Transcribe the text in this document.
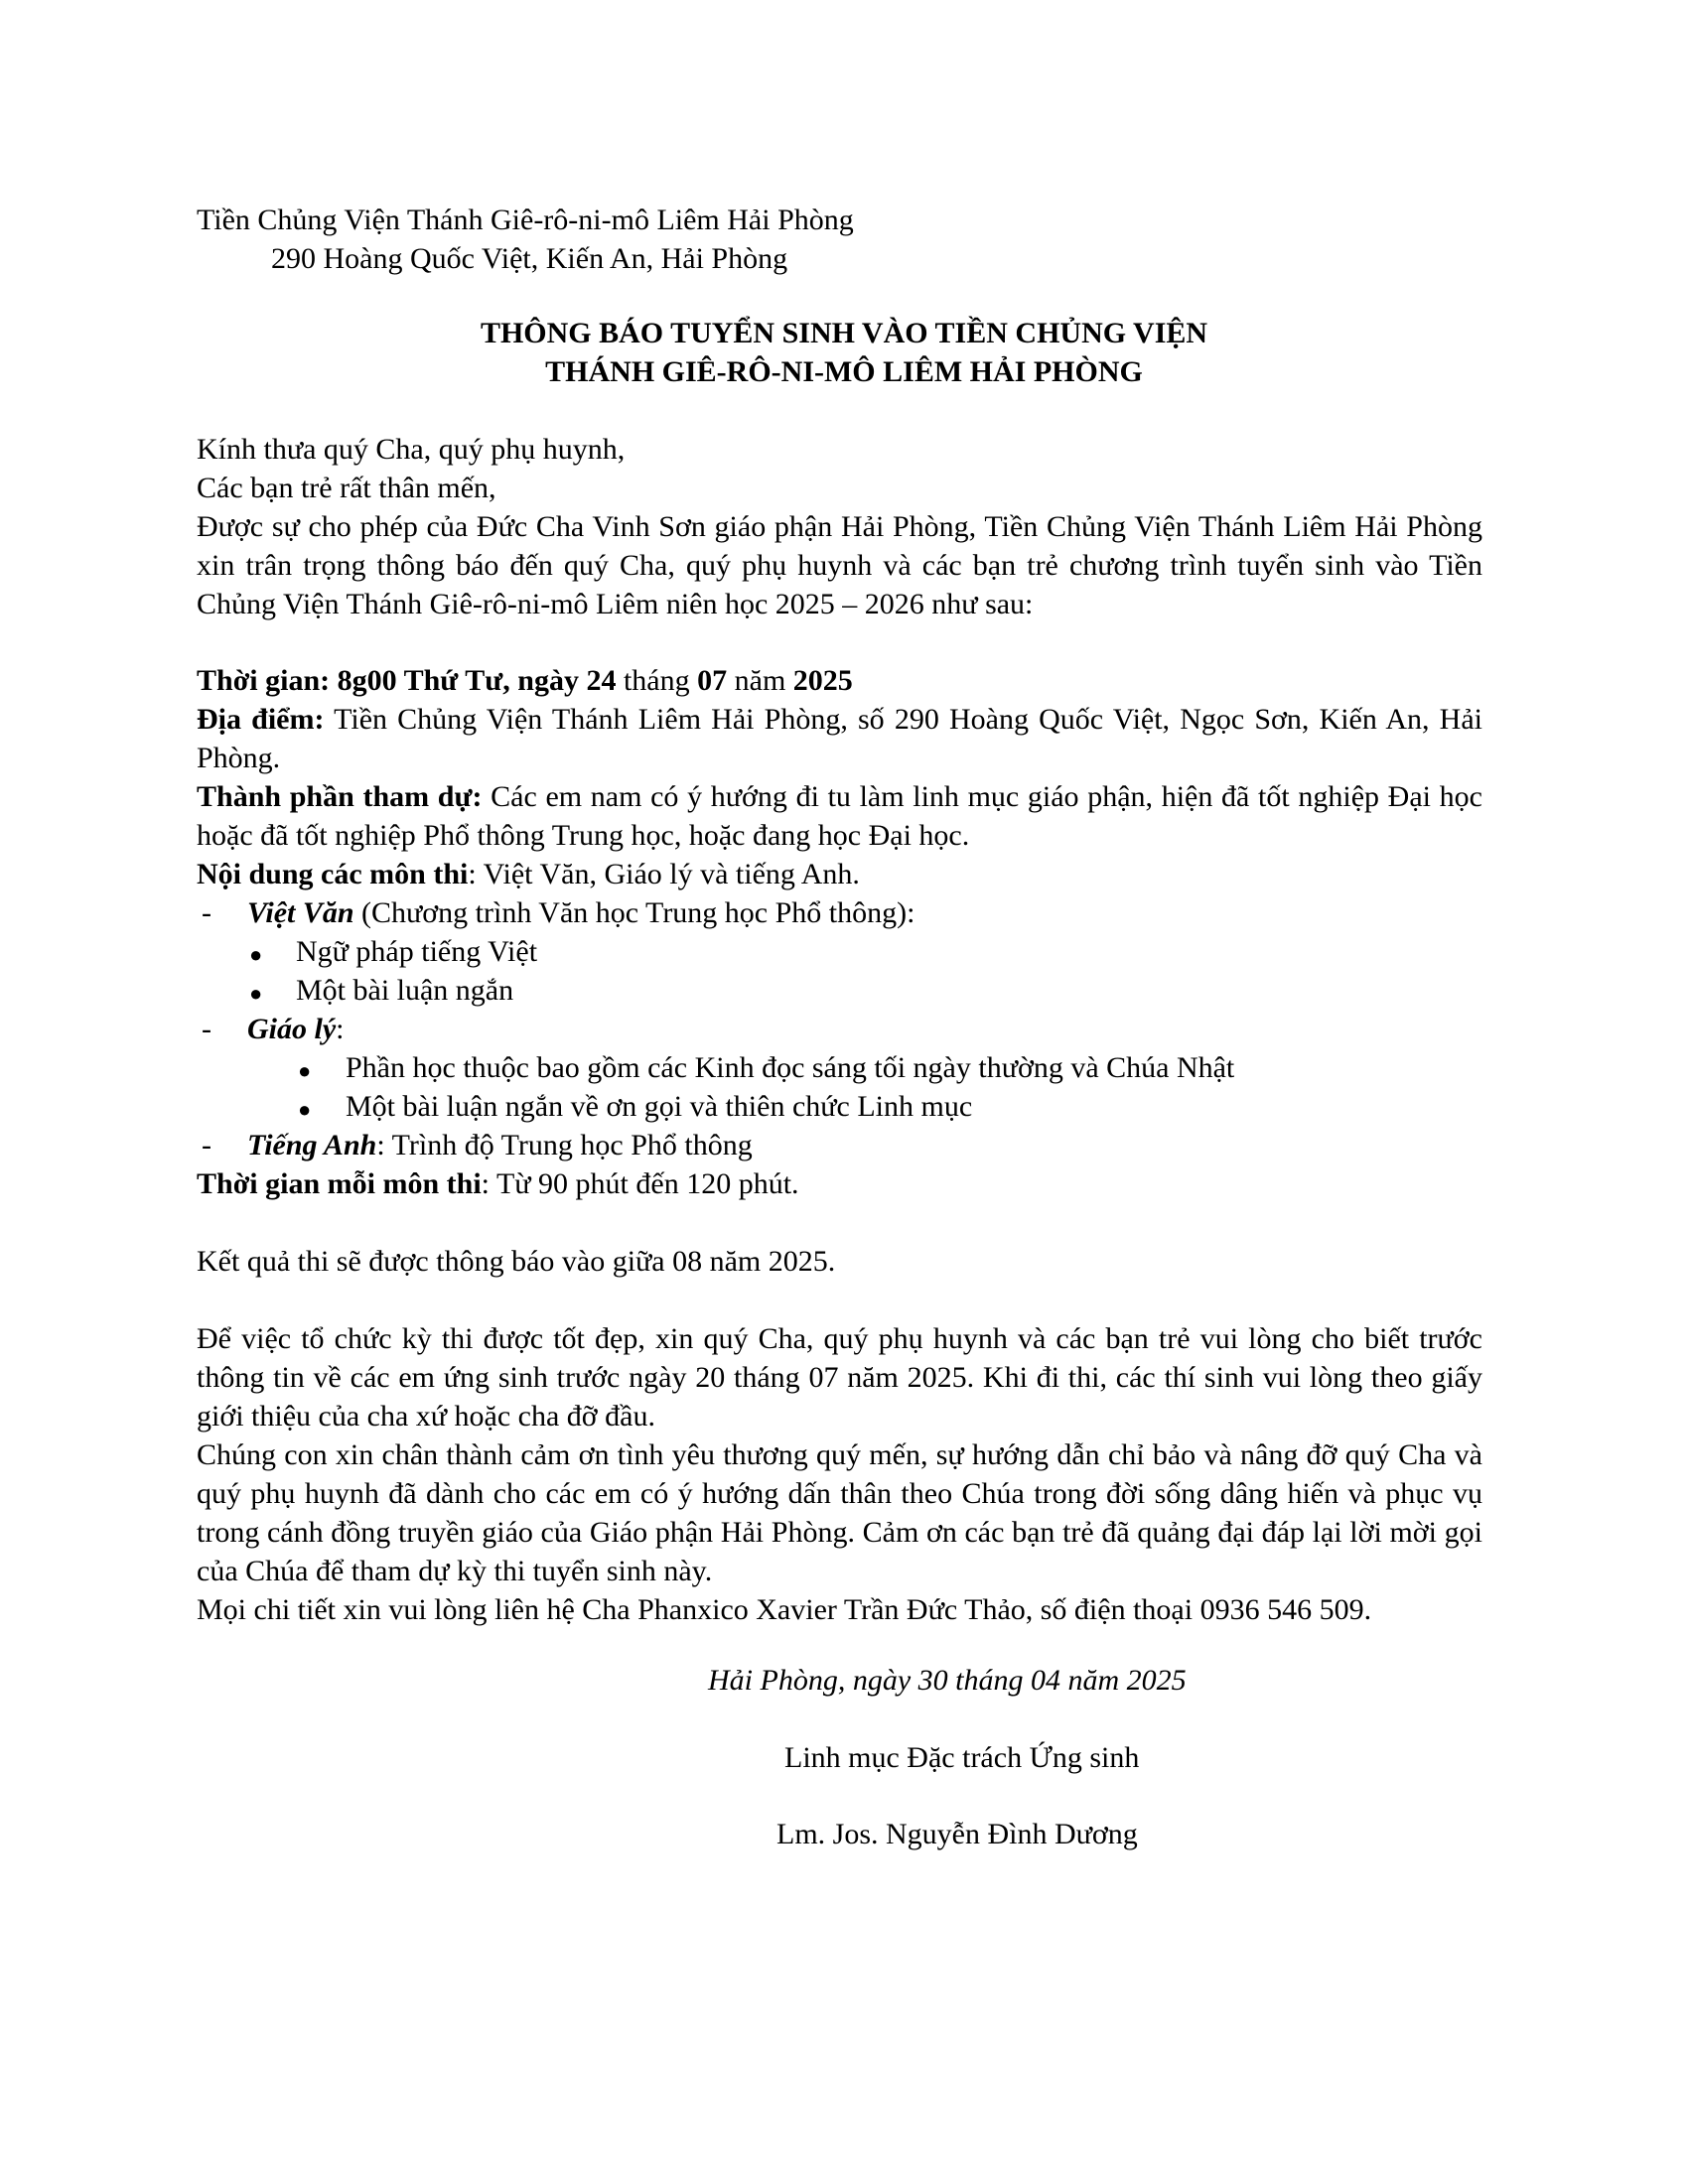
Tiền Chủng Viện Thánh Giê-rô-ni-mô Liêm Hải Phòng
290 Hoàng Quốc Việt, Kiến An, Hải Phòng
THÔNG BÁO TUYỂN SINH VÀO TIỀN CHỦNG VIỆN
THÁNH GIÊ-RÔ-NI-MÔ LIÊM HẢI PHÒNG
Kính thưa quý Cha, quý phụ huynh,
Các bạn trẻ rất thân mến,
Được sự cho phép của Đức Cha Vinh Sơn giáo phận Hải Phòng, Tiền Chủng Viện Thánh Liêm Hải Phòng xin trân trọng thông báo đến quý Cha, quý phụ huynh và các bạn trẻ chương trình tuyển sinh vào Tiền Chủng Viện Thánh Giê-rô-ni-mô Liêm niên học 2025 – 2026 như sau:
Thời gian: 8g00 Thứ Tư, ngày 24 tháng 07 năm 2025
Địa điểm: Tiền Chủng Viện Thánh Liêm Hải Phòng, số 290 Hoàng Quốc Việt, Ngọc Sơn, Kiến An, Hải Phòng.
Thành phần tham dự: Các em nam có ý hướng đi tu làm linh mục giáo phận, hiện đã tốt nghiệp Đại học hoặc đã tốt nghiệp Phổ thông Trung học, hoặc đang học Đại học.
Nội dung các môn thi: Việt Văn, Giáo lý và tiếng Anh.
- Việt Văn (Chương trình Văn học Trung học Phổ thông):
● Ngữ pháp tiếng Việt
● Một bài luận ngắn
- Giáo lý:
● Phần học thuộc bao gồm các Kinh đọc sáng tối ngày thường và Chúa Nhật
● Một bài luận ngắn về ơn gọi và thiên chức Linh mục
- Tiếng Anh: Trình độ Trung học Phổ thông
Thời gian mỗi môn thi: Từ 90 phút đến 120 phút.
Kết quả thi sẽ được thông báo vào giữa 08 năm 2025.
Để việc tổ chức kỳ thi được tốt đẹp, xin quý Cha, quý phụ huynh và các bạn trẻ vui lòng cho biết trước thông tin về các em ứng sinh trước ngày 20 tháng 07 năm 2025. Khi đi thi, các thí sinh vui lòng theo giấy giới thiệu của cha xứ hoặc cha đỡ đầu.
Chúng con xin chân thành cảm ơn tình yêu thương quý mến, sự hướng dẫn chỉ bảo và nâng đỡ quý Cha và quý phụ huynh đã dành cho các em có ý hướng dấn thân theo Chúa trong đời sống dâng hiến và phục vụ trong cánh đồng truyền giáo của Giáo phận Hải Phòng. Cảm ơn các bạn trẻ đã quảng đại đáp lại lời mời gọi của Chúa để tham dự kỳ thi tuyển sinh này.
Mọi chi tiết xin vui lòng liên hệ Cha Phanxico Xavier Trần Đức Thảo, số điện thoại 0936 546 509.
Hải Phòng, ngày 30 tháng 04 năm 2025
Linh mục Đặc trách Ứng sinh
Lm. Jos. Nguyễn Đình Dương
